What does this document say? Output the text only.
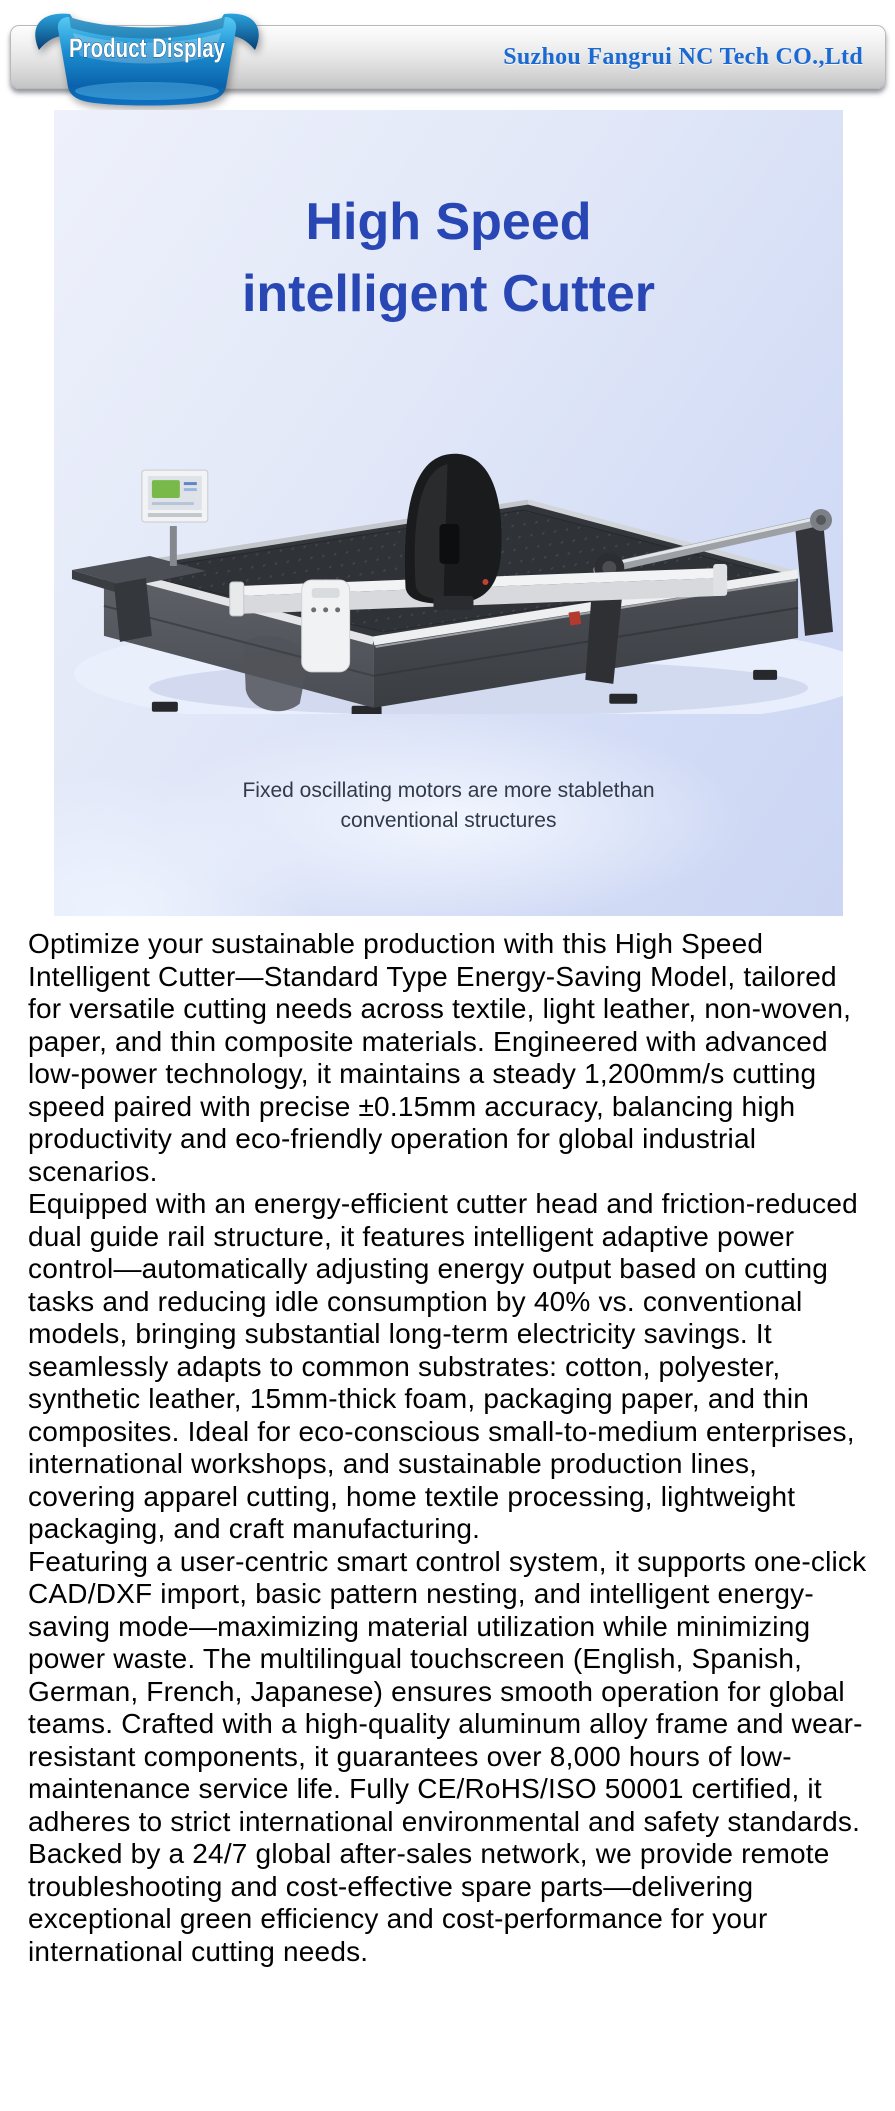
Product Display	Suzhou Fangrui NC Tech CO.,Ltd
High Speed
intelligent Cutter

Fixed oscillating motors are more stablethan
conventional structures

Optimize your sustainable production with this High Speed Intelligent Cutter—Standard Type Energy-Saving Model, tailored for versatile cutting needs across textile, light leather, non-woven, paper, and thin composite materials. Engineered with advanced low-power technology, it maintains a steady 1,200mm/s cutting speed paired with precise ±0.15mm accuracy, balancing high productivity and eco-friendly operation for global industrial scenarios.

Equipped with an energy-efficient cutter head and friction-reduced dual guide rail structure, it features intelligent adaptive power control—automatically adjusting energy output based on cutting tasks and reducing idle consumption by 40% vs. conventional models, bringing substantial long-term electricity savings. It seamlessly adapts to common substrates: cotton, polyester, synthetic leather, 15mm-thick foam, packaging paper, and thin composites. Ideal for eco-conscious small-to-medium enterprises, international workshops, and sustainable production lines, covering apparel cutting, home textile processing, lightweight packaging, and craft manufacturing.

Featuring a user-centric smart control system, it supports one-click CAD/DXF import, basic pattern nesting, and intelligent energy-saving mode—maximizing material utilization while minimizing power waste. The multilingual touchscreen (English, Spanish, German, French, Japanese) ensures smooth operation for global teams. Crafted with a high-quality aluminum alloy frame and wear-resistant components, it guarantees over 8,000 hours of low-maintenance service life. Fully CE/RoHS/ISO 50001 certified, it adheres to strict international environmental and safety standards. Backed by a 24/7 global after-sales network, we provide remote troubleshooting and cost-effective spare parts—delivering exceptional green efficiency and cost-performance for your international cutting needs.
